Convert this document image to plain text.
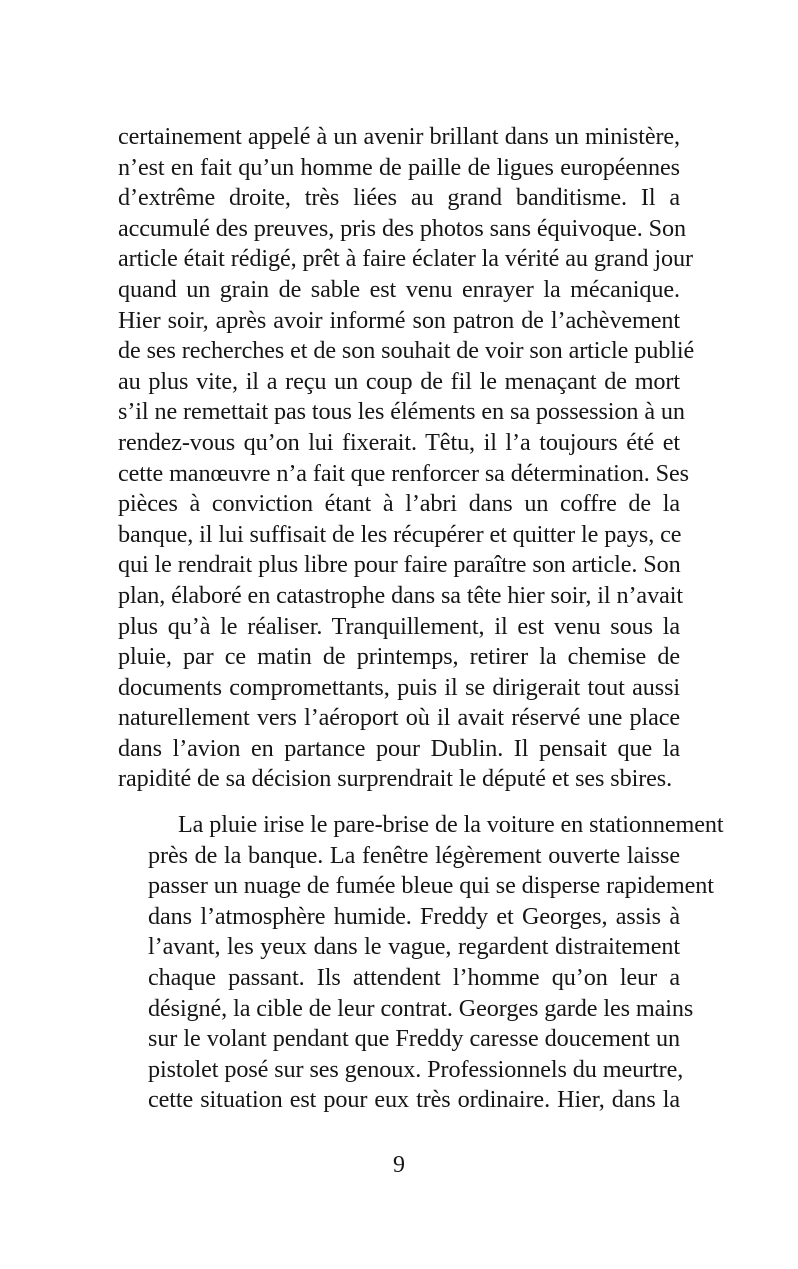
certainement appelé à un avenir brillant dans un ministère,
n’est en fait qu’un homme de paille de ligues européennes
d’extrême droite, très liées au grand banditisme. Il a
accumulé des preuves, pris des photos sans équivoque. Son
article était rédigé, prêt à faire éclater la vérité au grand jour
quand un grain de sable est venu enrayer la mécanique.
Hier soir, après avoir informé son patron de l’achèvement
de ses recherches et de son souhait de voir son article publié
au plus vite, il a reçu un coup de fil le menaçant de mort
s’il ne remettait pas tous les éléments en sa possession à un
rendez-vous qu’on lui fixerait. Têtu, il l’a toujours été et
cette manœuvre n’a fait que renforcer sa détermination. Ses
pièces à conviction étant à l’abri dans un coffre de la
banque, il lui suffisait de les récupérer et quitter le pays, ce
qui le rendrait plus libre pour faire paraître son article. Son
plan, élaboré en catastrophe dans sa tête hier soir, il n’avait
plus qu’à le réaliser. Tranquillement, il est venu sous la
pluie, par ce matin de printemps, retirer la chemise de
documents compromettants, puis il se dirigerait tout aussi
naturellement vers l’aéroport où il avait réservé une place
dans l’avion en partance pour Dublin. Il pensait que la
rapidité de sa décision surprendrait le député et ses sbires.
La pluie irise le pare-brise de la voiture en stationnement
près de la banque. La fenêtre légèrement ouverte laisse
passer un nuage de fumée bleue qui se disperse rapidement
dans l’atmosphère humide. Freddy et Georges, assis à
l’avant, les yeux dans le vague, regardent distraitement
chaque passant. Ils attendent l’homme qu’on leur a
désigné, la cible de leur contrat. Georges garde les mains
sur le volant pendant que Freddy caresse doucement un
pistolet posé sur ses genoux. Professionnels du meurtre,
cette situation est pour eux très ordinaire. Hier, dans la
9
